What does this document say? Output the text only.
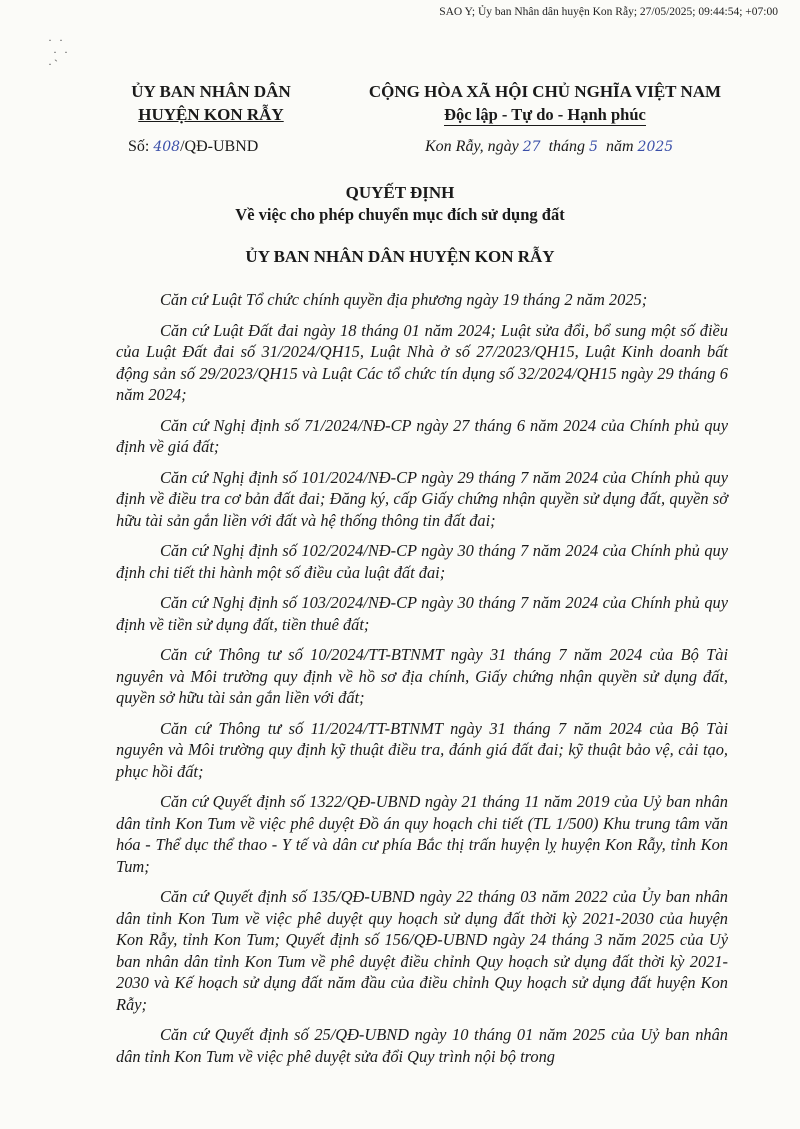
SAO Y; Ủy ban Nhân dân huyện Kon Rẫy; 27/05/2025; 09:44:54; +07:00
· ·
· ·
·`
ỦY BAN NHÂN DÂN
HUYỆN KON RẪY
CỘNG HÒA XÃ HỘI CHỦ NGHĨA VIỆT NAM
Độc lập - Tự do - Hạnh phúc
Số: 408/QĐ-UBND	Kon Rẫy, ngày 27 tháng 5 năm 2025
QUYẾT ĐỊNH
Về việc cho phép chuyển mục đích sử dụng đất
ỦY BAN NHÂN DÂN HUYỆN KON RẪY

Căn cứ Luật Tổ chức chính quyền địa phương ngày 19 tháng 2 năm 2025;

Căn cứ Luật Đất đai ngày 18 tháng 01 năm 2024; Luật sửa đổi, bổ sung một số điều của Luật Đất đai số 31/2024/QH15, Luật Nhà ở số 27/2023/QH15, Luật Kinh doanh bất động sản số 29/2023/QH15 và Luật Các tổ chức tín dụng số 32/2024/QH15 ngày 29 tháng 6 năm 2024;

Căn cứ Nghị định số 71/2024/NĐ-CP ngày 27 tháng 6 năm 2024 của Chính phủ quy định về giá đất;

Căn cứ Nghị định số 101/2024/NĐ-CP ngày 29 tháng 7 năm 2024 của Chính phủ quy định về điều tra cơ bản đất đai; Đăng ký, cấp Giấy chứng nhận quyền sử dụng đất, quyền sở hữu tài sản gắn liền với đất và hệ thống thông tin đất đai;

Căn cứ Nghị định số 102/2024/NĐ-CP ngày 30 tháng 7 năm 2024 của Chính phủ quy định chi tiết thi hành một số điều của luật đất đai;

Căn cứ Nghị định số 103/2024/NĐ-CP ngày 30 tháng 7 năm 2024 của Chính phủ quy định về tiền sử dụng đất, tiền thuê đất;

Căn cứ Thông tư số 10/2024/TT-BTNMT ngày 31 tháng 7 năm 2024 của Bộ Tài nguyên và Môi trường quy định về hồ sơ địa chính, Giấy chứng nhận quyền sử dụng đất, quyền sở hữu tài sản gắn liền với đất;

Căn cứ Thông tư số 11/2024/TT-BTNMT ngày 31 tháng 7 năm 2024 của Bộ Tài nguyên và Môi trường quy định kỹ thuật điều tra, đánh giá đất đai; kỹ thuật bảo vệ, cải tạo, phục hồi đất;

Căn cứ Quyết định số 1322/QĐ-UBND ngày 21 tháng 11 năm 2019 của Uỷ ban nhân dân tỉnh Kon Tum về việc phê duyệt Đồ án quy hoạch chi tiết (TL 1/500) Khu trung tâm văn hóa - Thể dục thể thao - Y tế và dân cư phía Bắc thị trấn huyện lỵ huyện Kon Rẫy, tỉnh Kon Tum;

Căn cứ Quyết định số 135/QĐ-UBND ngày 22 tháng 03 năm 2022 của Ủy ban nhân dân tỉnh Kon Tum về việc phê duyệt quy hoạch sử dụng đất thời kỳ 2021-2030 của huyện Kon Rẫy, tỉnh Kon Tum; Quyết định số 156/QĐ-UBND ngày 24 tháng 3 năm 2025 của Uỷ ban nhân dân tỉnh Kon Tum về phê duyệt điều chỉnh Quy hoạch sử dụng đất thời kỳ 2021-2030 và Kế hoạch sử dụng đất năm đầu của điều chỉnh Quy hoạch sử dụng đất huyện Kon Rẫy;

Căn cứ Quyết định số 25/QĐ-UBND ngày 10 tháng 01 năm 2025 của Uỷ ban nhân dân tỉnh Kon Tum về việc phê duyệt sửa đổi Quy trình nội bộ trong
